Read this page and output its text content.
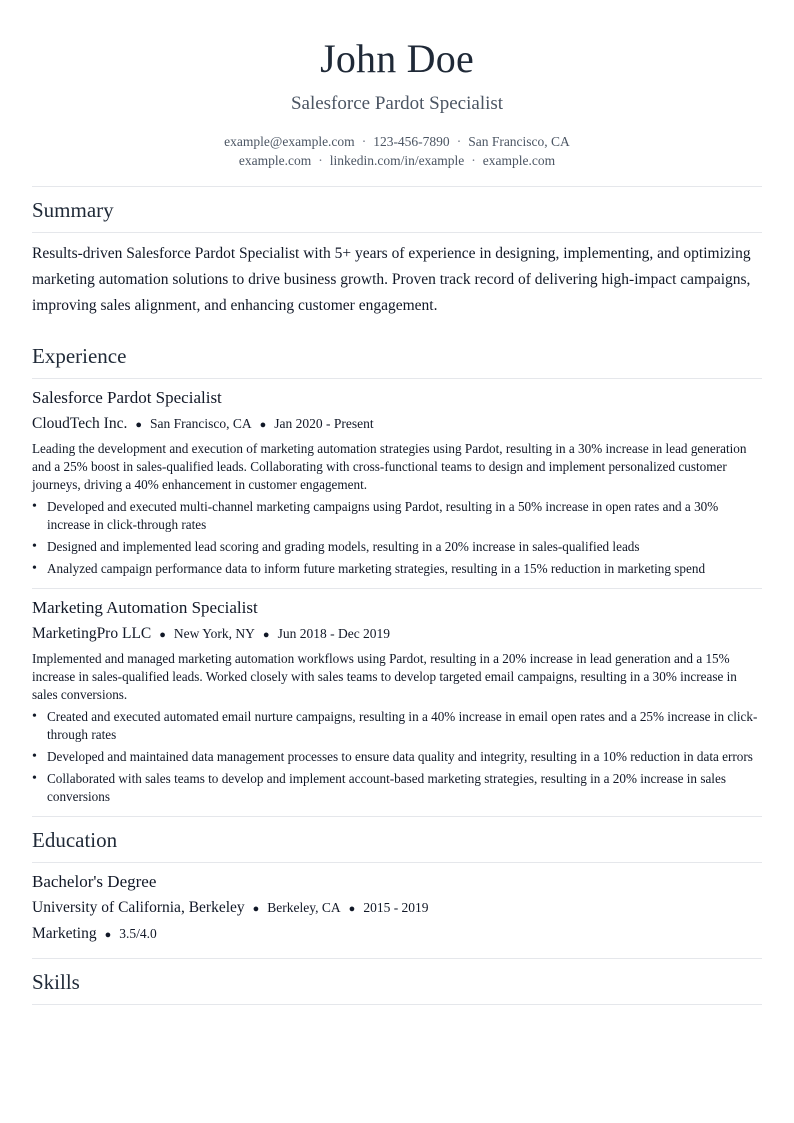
John Doe
Salesforce Pardot Specialist
example@example.com · 123-456-7890 · San Francisco, CA
example.com · linkedin.com/in/example · example.com
Summary
Results-driven Salesforce Pardot Specialist with 5+ years of experience in designing, implementing, and optimizing marketing automation solutions to drive business growth. Proven track record of delivering high-impact campaigns, improving sales alignment, and enhancing customer engagement.
Experience
Salesforce Pardot Specialist
CloudTech Inc. ● San Francisco, CA ● Jan 2020 - Present
Leading the development and execution of marketing automation strategies using Pardot, resulting in a 30% increase in lead generation and a 25% boost in sales-qualified leads. Collaborating with cross-functional teams to design and implement personalized customer journeys, driving a 40% enhancement in customer engagement.
• Developed and executed multi-channel marketing campaigns using Pardot, resulting in a 50% increase in open rates and a 30% increase in click-through rates
• Designed and implemented lead scoring and grading models, resulting in a 20% increase in sales-qualified leads
• Analyzed campaign performance data to inform future marketing strategies, resulting in a 15% reduction in marketing spend
Marketing Automation Specialist
MarketingPro LLC ● New York, NY ● Jun 2018 - Dec 2019
Implemented and managed marketing automation workflows using Pardot, resulting in a 20% increase in lead generation and a 15% increase in sales-qualified leads. Worked closely with sales teams to develop targeted email campaigns, resulting in a 30% increase in sales conversions.
• Created and executed automated email nurture campaigns, resulting in a 40% increase in email open rates and a 25% increase in click-through rates
• Developed and maintained data management processes to ensure data quality and integrity, resulting in a 10% reduction in data errors
• Collaborated with sales teams to develop and implement account-based marketing strategies, resulting in a 20% increase in sales conversions
Education
Bachelor's Degree
University of California, Berkeley ● Berkeley, CA ● 2015 - 2019
Marketing ● 3.5/4.0
Skills
